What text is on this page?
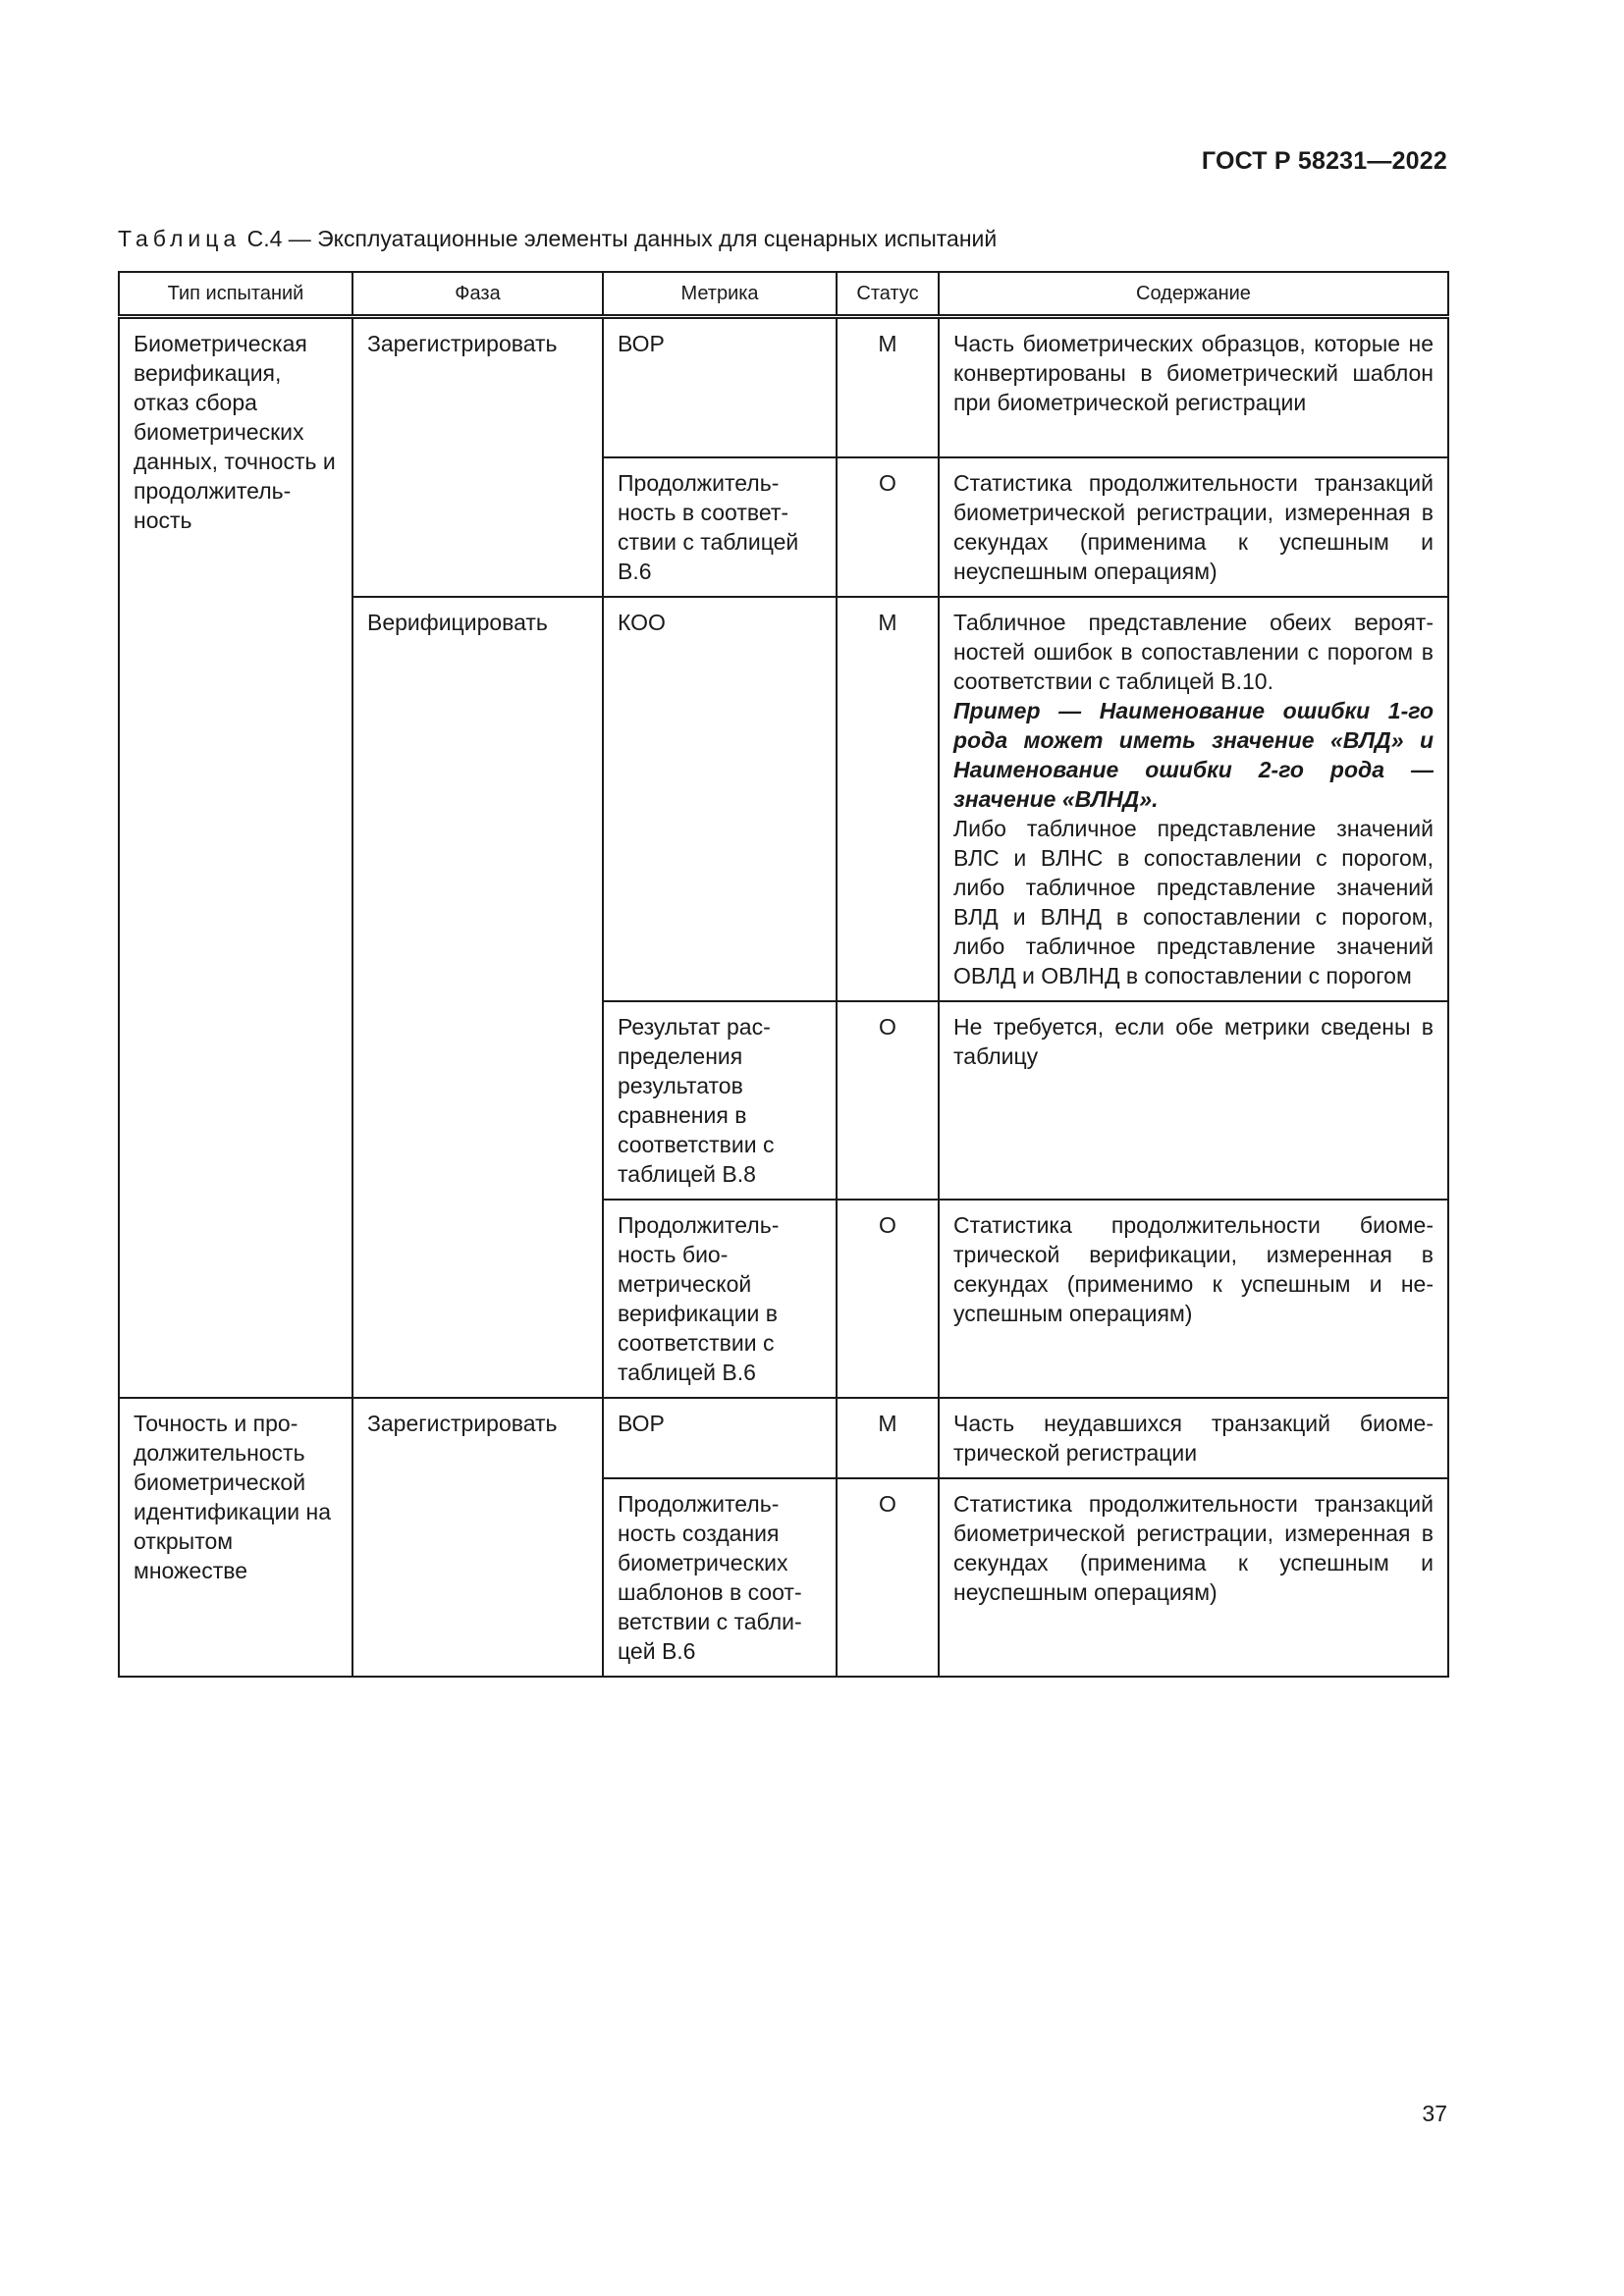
ГОСТ Р 58231—2022
Таблица С.4 — Эксплуатационные элементы данных для сценарных испытаний
Тип испытаний	Фаза	Метрика	Статус	Содержание
Биометрическая верификация, отказ сбора биометрических данных, точность и продолжительность	Зарегистрировать	ВОР	М	Часть биометрических образцов, которые не конвертированы в биометрический шаблон при биометрической регистрации
		Продолжительность в соответствии с таблицей В.6	О	Статистика продолжительности транзакций биометрической регистрации, измеренная в секундах (применима к успешным и неуспешным операциям)
	Верифицировать	КОО	М	Табличное представление обеих вероятностей ошибок в сопоставлении с порогом в соответствии с таблицей В.10.
Пример — Наименование ошибки 1-го рода может иметь значение «ВЛД» и Наименование ошибки 2-го рода — значение «ВЛНД».
Либо табличное представление значений ВЛС и ВЛНС в сопоставлении с порогом, либо табличное представление значений ВЛД и ВЛНД в сопоставлении с порогом, либо табличное представление значений ОВЛД и ОВЛНД в сопоставлении с порогом
		Результат распределения результатов сравнения в соответствии с таблицей В.8	О	Не требуется, если обе метрики сведены в таблицу
		Продолжительность биометрической верификации в соответствии с таблицей В.6	О	Статистика продолжительности биометрической верификации, измеренная в секундах (применимо к успешным и неуспешным операциям)
Точность и продолжительность биометрической идентификации на открытом множестве	Зарегистрировать	ВОР	М	Часть неудавшихся транзакций биометрической регистрации
		Продолжительность создания биометрических шаблонов в соответствии с таблицей В.6	О	Статистика продолжительности транзакций биометрической регистрации, измеренная в секундах (применима к успешным и неуспешным операциям)
37
